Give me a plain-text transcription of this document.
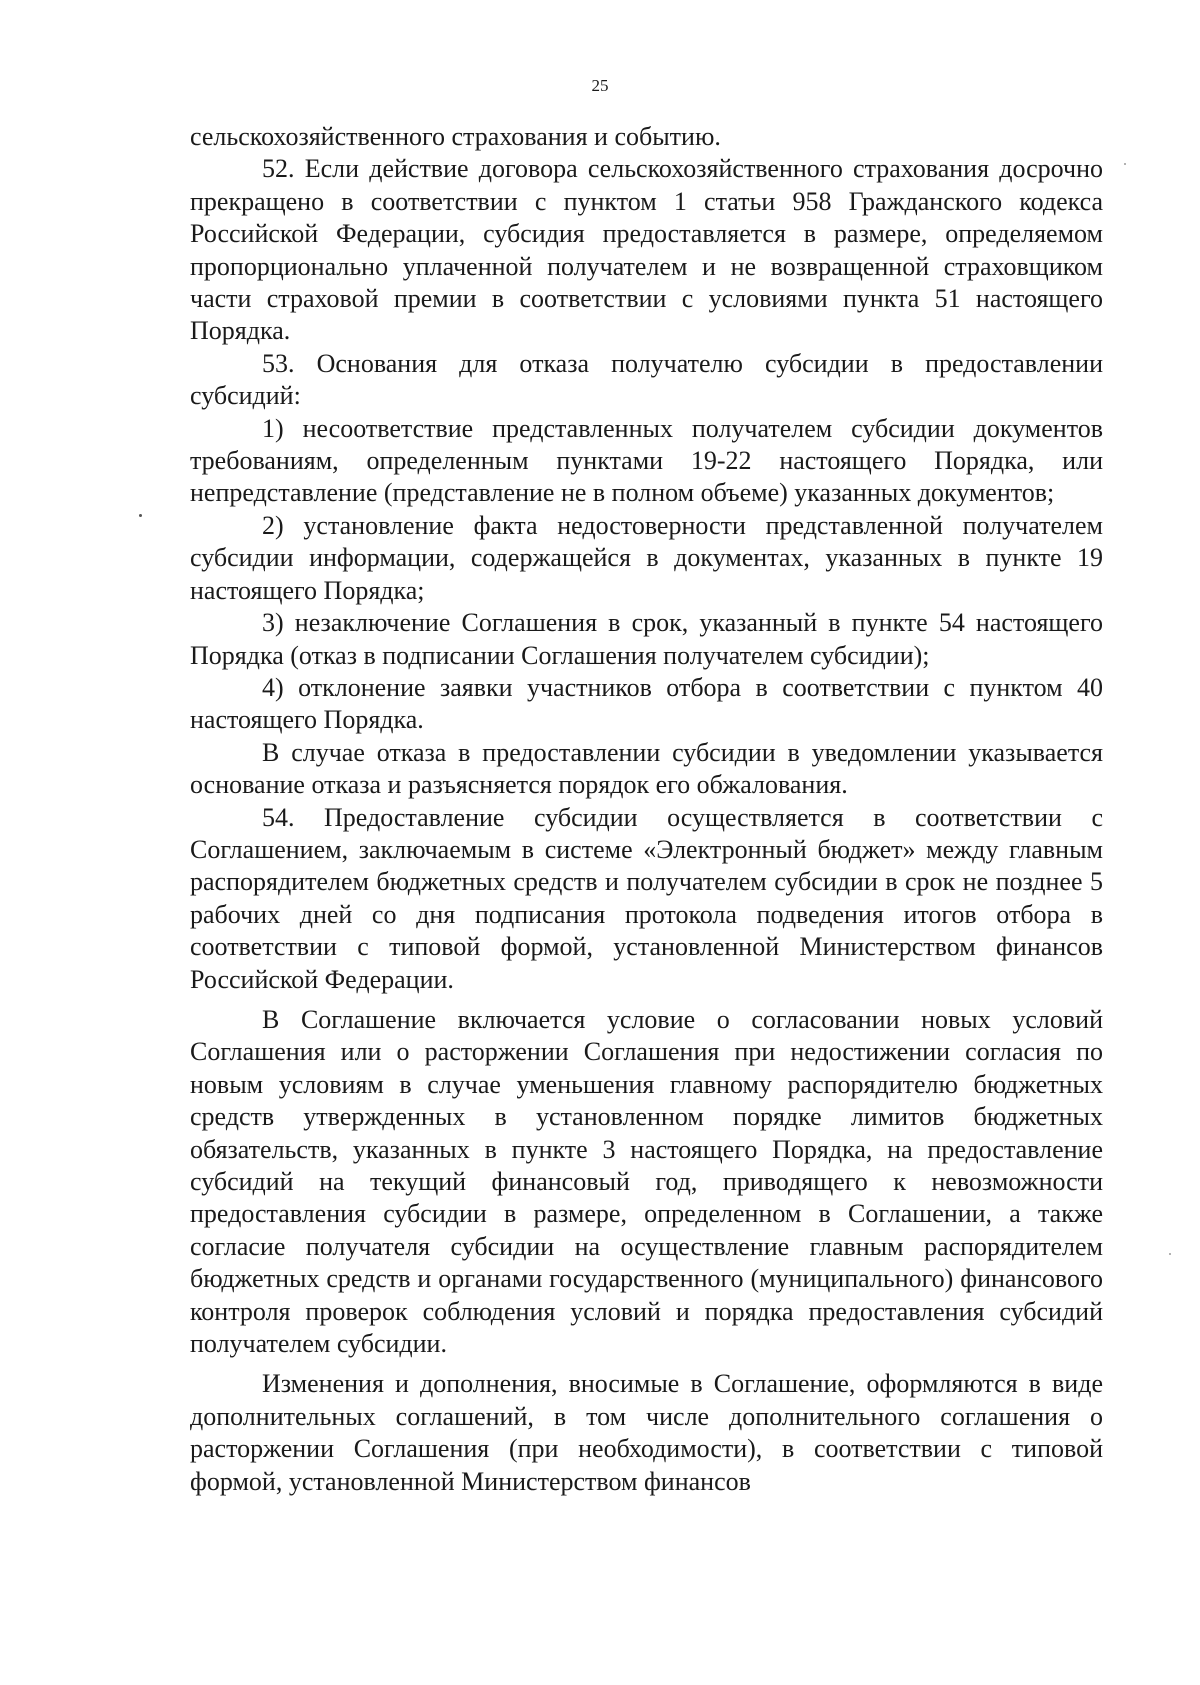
25

сельскохозяйственного страхования и событию.

52. Если действие договора сельскохозяйственного страхования досрочно прекращено в соответствии с пунктом 1 статьи 958 Гражданского кодекса Российской Федерации, субсидия предоставляется в размере, определяемом пропорционально уплаченной получателем и не возвращенной страховщиком части страховой премии в соответствии с условиями пункта 51 настоящего Порядка.

53. Основания для отказа получателю субсидии в предоставлении субсидий:

1) несоответствие представленных получателем субсидии документов требованиям, определенным пунктами 19-22 настоящего Порядка, или непредставление (представление не в полном объеме) указанных документов;

2) установление факта недостоверности представленной получателем субсидии информации, содержащейся в документах, указанных в пункте 19 настоящего Порядка;

3) незаключение Соглашения в срок, указанный в пункте 54 настоящего Порядка (отказ в подписании Соглашения получателем субсидии);

4) отклонение заявки участников отбора в соответствии с пунктом 40 настоящего Порядка.

В случае отказа в предоставлении субсидии в уведомлении указывается основание отказа и разъясняется порядок его обжалования.

54. Предоставление субсидии осуществляется в соответствии с Соглашением, заключаемым в системе «Электронный бюджет» между главным распорядителем бюджетных средств и получателем субсидии в срок не позднее 5 рабочих дней со дня подписания протокола подведения итогов отбора в соответствии с типовой формой, установленной Министерством финансов Российской Федерации.

В Соглашение включается условие о согласовании новых условий Соглашения или о расторжении Соглашения при недостижении согласия по новым условиям в случае уменьшения главному распорядителю бюджетных средств утвержденных в установленном порядке лимитов бюджетных обязательств, указанных в пункте 3 настоящего Порядка, на предоставление субсидий на текущий финансовый год, приводящего к невозможности предоставления субсидии в размере, определенном в Соглашении, а также согласие получателя субсидии на осуществление главным распорядителем бюджетных средств и органами государственного (муниципального) финансового контроля проверок соблюдения условий и порядка предоставления субсидий получателем субсидии.

Изменения и дополнения, вносимые в Соглашение, оформляются в виде дополнительных соглашений, в том числе дополнительного соглашения о расторжении Соглашения (при необходимости), в соответствии с типовой формой, установленной Министерством финансов
